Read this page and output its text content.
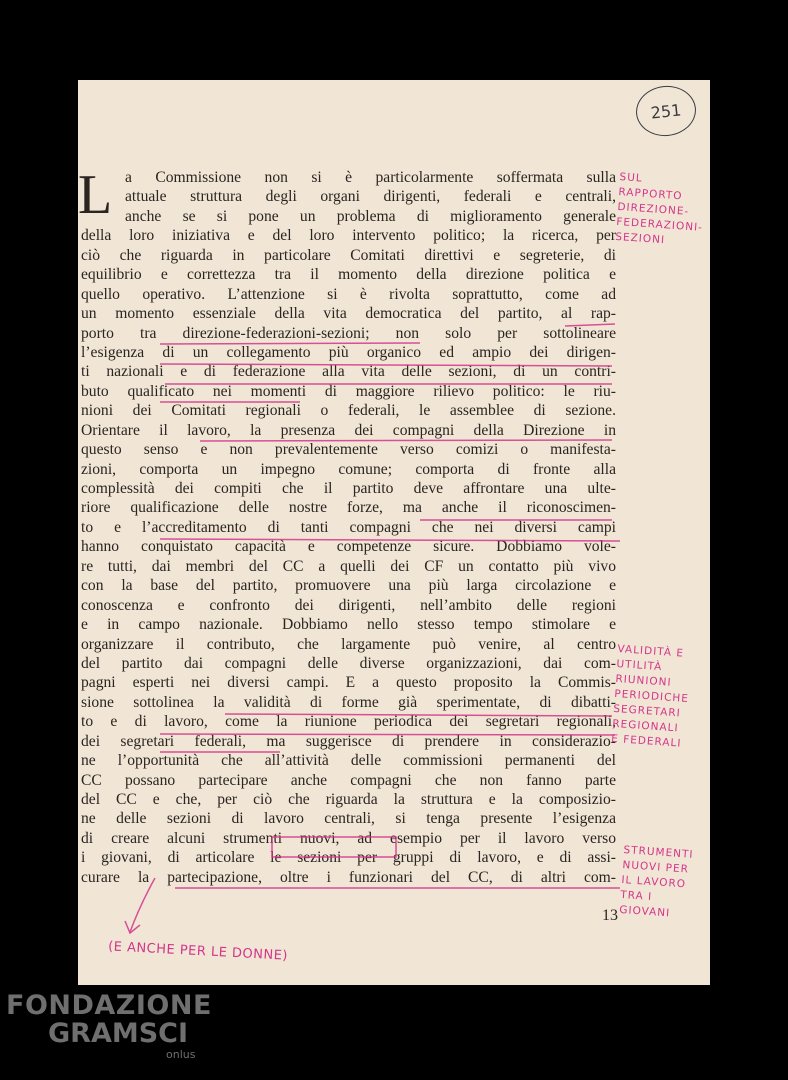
251
L a Commissione non si è particolarmente soffermata sulla
attuale struttura degli organi dirigenti, federali e centrali,
anche se si pone un problema di miglioramento generale
della loro iniziativa e del loro intervento politico; la ricerca, per
ciò che riguarda in particolare Comitati direttivi e segreterie, di
equilibrio e correttezza tra il momento della direzione politica e
quello operativo. L’attenzione si è rivolta soprattutto, come ad
un momento essenziale della vita democratica del partito, al rap-
porto tra direzione-federazioni-sezioni; non solo per sottolineare
l’esigenza di un collegamento più organico ed ampio dei dirigen-
ti nazionali e di federazione alla vita delle sezioni, di un contri-
buto qualificato nei momenti di maggiore rilievo politico: le riu-
nioni dei Comitati regionali o federali, le assemblee di sezione.
Orientare il lavoro, la presenza dei compagni della Direzione in
questo senso e non prevalentemente verso comizi o manifesta-
zioni, comporta un impegno comune; comporta di fronte alla
complessità dei compiti che il partito deve affrontare una ulte-
riore qualificazione delle nostre forze, ma anche il riconoscimen-
to e l’accreditamento di tanti compagni che nei diversi campi
hanno conquistato capacità e competenze sicure. Dobbiamo vole-
re tutti, dai membri del CC a quelli dei CF un contatto più vivo
con la base del partito, promuovere una più larga circolazione e
conoscenza e confronto dei dirigenti, nell’ambito delle regioni
e in campo nazionale. Dobbiamo nello stesso tempo stimolare e
organizzare il contributo, che largamente può venire, al centro
del partito dai compagni delle diverse organizzazioni, dai com-
pagni esperti nei diversi campi. E a questo proposito la Commis-
sione sottolinea la validità di forme già sperimentate, di dibatti-
to e di lavoro, come la riunione periodica dei segretari regionali,
dei segretari federali, ma suggerisce di prendere in considerazio-
ne l’opportunità che all’attività delle commissioni permanenti del
CC possano partecipare anche compagni che non fanno parte
del CC e che, per ciò che riguarda la struttura e la composizio-
ne delle sezioni di lavoro centrali, si tenga presente l’esigenza
di creare alcuni strumenti nuovi, ad esempio per il lavoro verso
i giovani, di articolare le sezioni per gruppi di lavoro, e di assi-
curare la partecipazione, oltre i funzionari del CC, di altri com-
13
SUL
RAPPORTO
DIREZIONE-
FEDERAZIONI-
SEZIONI
VALIDITÀ E
UTILITÀ
RIUNIONI
PERIODICHE
SEGRETARI
REGIONALI
E FEDERALI
STRUMENTI
NUOVI PER
IL LAVORO
TRA I
GIOVANI
(E ANCHE PER LE DONNE)
FONDAZIONE
GRAMSCI
onlus
